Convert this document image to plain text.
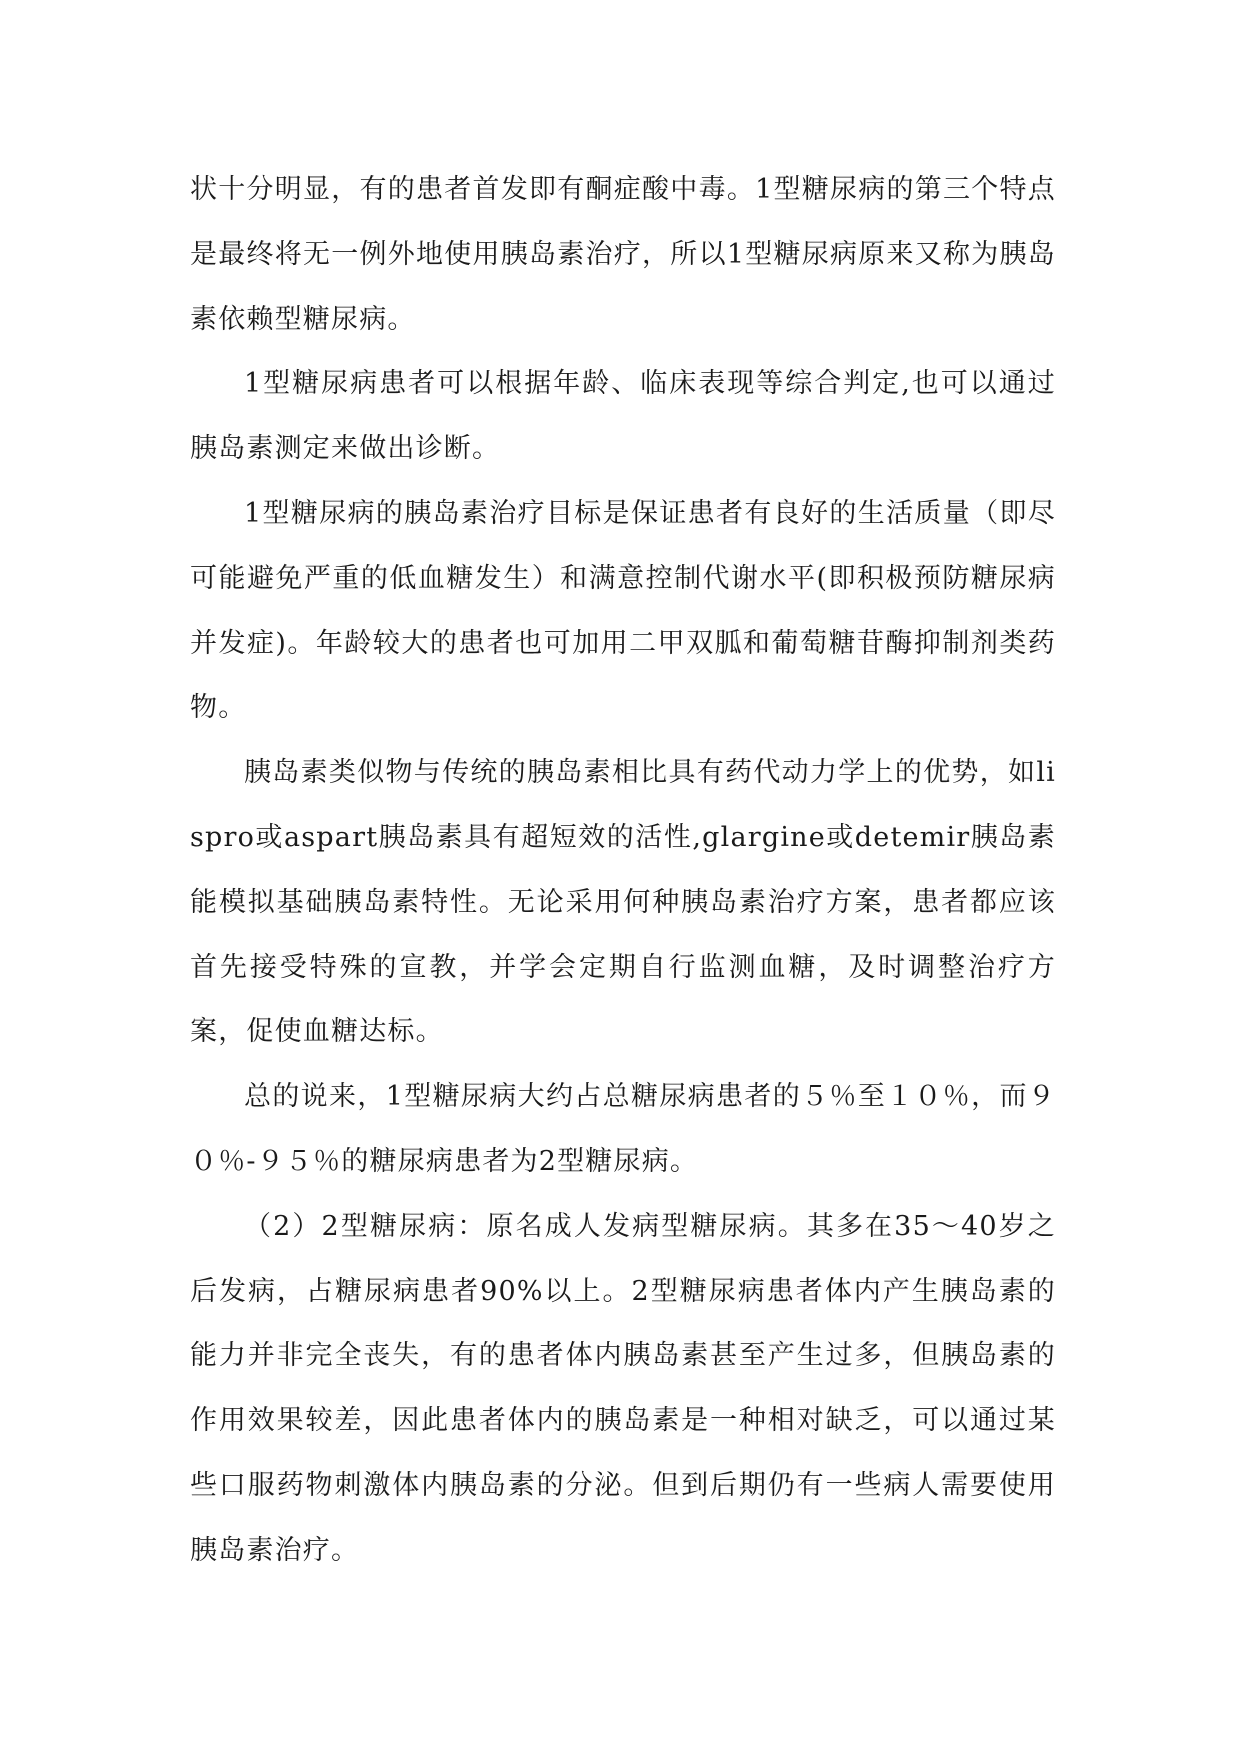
状十分明显，有的患者首发即有酮症酸中毒。1型糖尿病的第三个特点是最终将无一例外地使用胰岛素治疗，所以1型糖尿病原来又称为胰岛素依赖型糖尿病。

1型糖尿病患者可以根据年龄、临床表现等综合判定,也可以通过胰岛素测定来做出诊断。

1型糖尿病的胰岛素治疗目标是保证患者有良好的生活质量（即尽可能避免严重的低血糖发生）和满意控制代谢水平(即积极预防糖尿病并发症)。年龄较大的患者也可加用二甲双胍和葡萄糖苷酶抑制剂类药物。

胰岛素类似物与传统的胰岛素相比具有药代动力学上的优势，如lispro或aspart胰岛素具有超短效的活性,glargine或detemir胰岛素能模拟基础胰岛素特性。无论采用何种胰岛素治疗方案，患者都应该首先接受特殊的宣教，并学会定期自行监测血糖，及时调整治疗方案，促使血糖达标。

总的说来，1型糖尿病大约占总糖尿病患者的５％至１０％，而９０％-９５％的糖尿病患者为2型糖尿病。

（2）2型糖尿病：原名成人发病型糖尿病。其多在35～40岁之后发病，占糖尿病患者90%以上。2型糖尿病患者体内产生胰岛素的能力并非完全丧失，有的患者体内胰岛素甚至产生过多，但胰岛素的作用效果较差，因此患者体内的胰岛素是一种相对缺乏，可以通过某些口服药物刺激体内胰岛素的分泌。但到后期仍有一些病人需要使用胰岛素治疗。
